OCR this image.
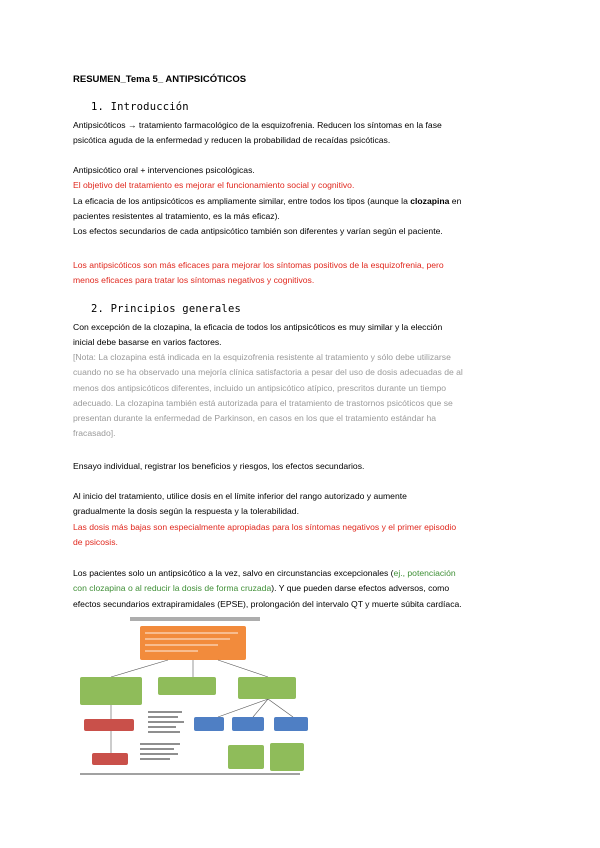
RESUMEN_Tema 5_ ANTIPSICÓTICOS
1. Introducción
Antipsicóticos → tratamiento farmacológico de la esquizofrenia. Reducen los síntomas en la fase
psicótica aguda de la enfermedad y reducen la probabilidad de recaídas psicóticas.
Antipsicótico oral + intervenciones psicológicas.
El objetivo del tratamiento es mejorar el funcionamiento social y cognitivo.
La eficacia de los antipsicóticos es ampliamente similar, entre todos los tipos (aunque la clozapina en
pacientes resistentes al tratamiento, es la más eficaz).
Los efectos secundarios de cada antipsicótico también son diferentes y varían según el paciente.
Los antipsicóticos son más eficaces para mejorar los síntomas positivos de la esquizofrenia, pero
menos eficaces para tratar los síntomas negativos y cognitivos.
2. Principios generales
Con excepción de la clozapina, la eficacia de todos los antipsicóticos es muy similar y la elección
inicial debe basarse en varios factores.
[Nota: La clozapina está indicada en la esquizofrenia resistente al tratamiento y sólo debe utilizarse
cuando no se ha observado una mejoría clínica satisfactoria a pesar del uso de dosis adecuadas de al
menos dos antipsicóticos diferentes, incluido un antipsicótico atípico, prescritos durante un tiempo
adecuado. La clozapina también está autorizada para el tratamiento de trastornos psicóticos que se
presentan durante la enfermedad de Parkinson, en casos en los que el tratamiento estándar ha
fracasado].
Ensayo individual, registrar los beneficios y riesgos, los efectos secundarios.
Al inicio del tratamiento, utilice dosis en el límite inferior del rango autorizado y aumente
gradualmente la dosis según la respuesta y la tolerabilidad.
Las dosis más bajas son especialmente apropiadas para los síntomas negativos y el primer episodio
de psicosis.
Los pacientes solo un antipsicótico a la vez, salvo en circunstancias excepcionales (ej., potenciación
con clozapina o al reducir la dosis de forma cruzada). Y que pueden darse efectos adversos, como
efectos secundarios extrapiramidales (EPSE), prolongación del intervalo QT y muerte súbita cardíaca.
